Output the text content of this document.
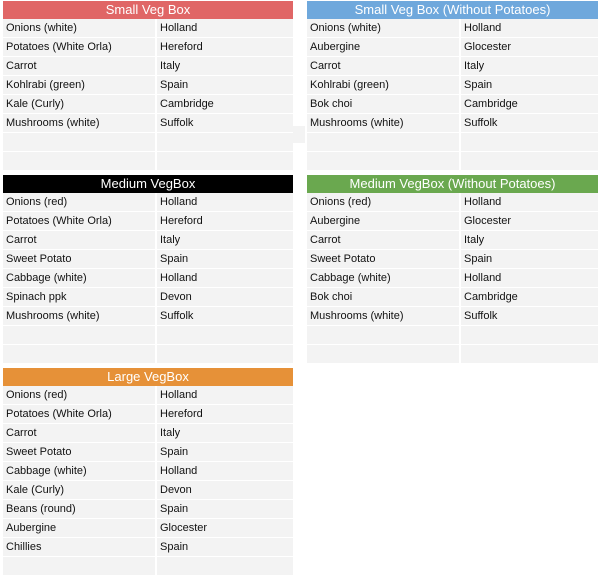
Small Veg Box
Onions (white)	Holland
Potatoes (White Orla)	Hereford
Carrot	Italy
Kohlrabi (green)	Spain
Kale (Curly)	Cambridge
Mushrooms (white)	Suffolk

Small Veg Box (Without Potatoes)
Onions (white)	Holland
Aubergine	Glocester
Carrot	Italy
Kohlrabi (green)	Spain
Bok choi	Cambridge
Mushrooms (white)	Suffolk

Medium VegBox
Onions (red)	Holland
Potatoes (White Orla)	Hereford
Carrot	Italy
Sweet Potato	Spain
Cabbage (white)	Holland
Spinach ppk	Devon
Mushrooms (white)	Suffolk

Medium VegBox (Without Potatoes)
Onions (red)	Holland
Aubergine	Glocester
Carrot	Italy
Sweet Potato	Spain
Cabbage (white)	Holland
Bok choi	Cambridge
Mushrooms (white)	Suffolk

Large VegBox
Onions (red)	Holland
Potatoes (White Orla)	Hereford
Carrot	Italy
Sweet Potato	Spain
Cabbage (white)	Holland
Kale (Curly)	Devon
Beans (round)	Spain
Aubergine	Glocester
Chillies	Spain
